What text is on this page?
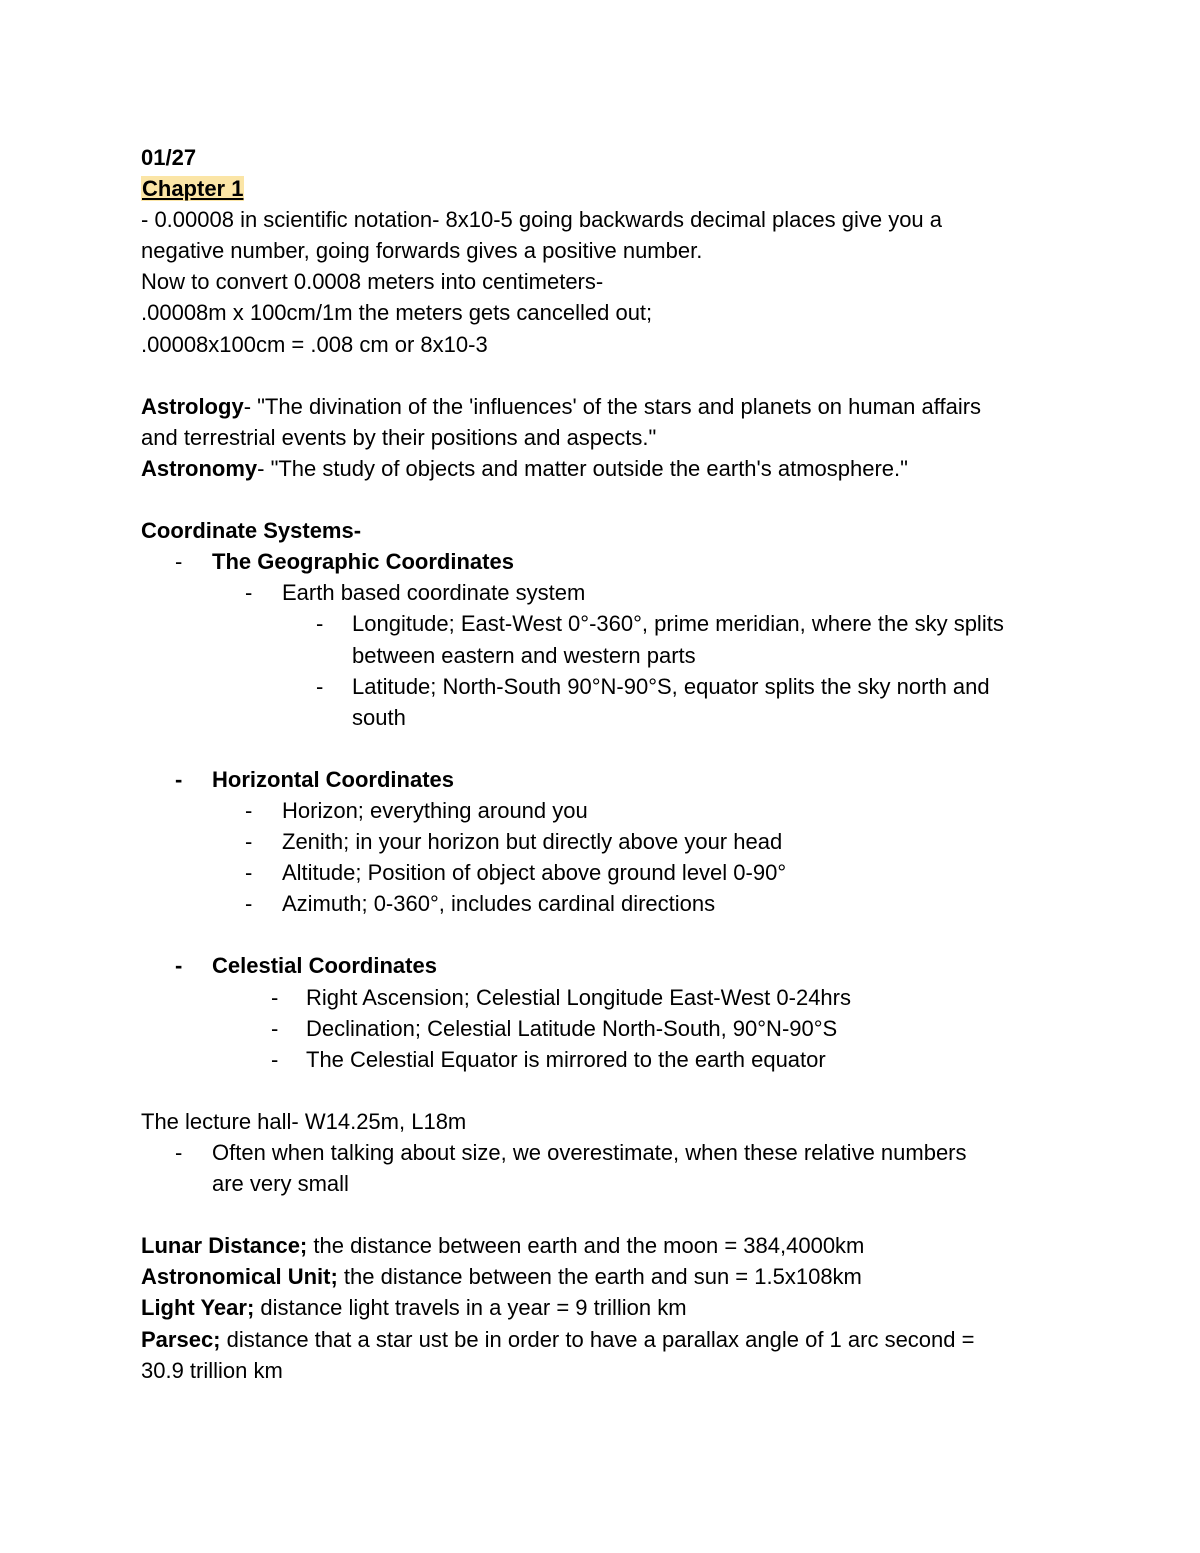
01/27

Chapter 1

- 0.00008 in scientific notation- 8x10-5 going backwards decimal places give you a

negative number, going forwards gives a positive number.

Now to convert 0.0008 meters into centimeters-

.00008m x 100cm/1m the meters gets cancelled out;

.00008x100cm = .008 cm or 8x10-3

Astrology- "The divination of the 'influences' of the stars and planets on human affairs

and terrestrial events by their positions and aspects."

Astronomy- "The study of objects and matter outside the earth's atmosphere."

Coordinate Systems-

- The Geographic Coordinates
- Earth based coordinate system
- Longitude; East-West 0°-360°, prime meridian, where the sky splits
between eastern and western parts
- Latitude; North-South 90°N-90°S, equator splits the sky north and
south
- Horizontal Coordinates
- Horizon; everything around you
- Zenith; in your horizon but directly above your head
- Altitude; Position of object above ground level 0-90°
- Azimuth; 0-360°, includes cardinal directions
- Celestial Coordinates
- Right Ascension; Celestial Longitude East-West 0-24hrs
- Declination; Celestial Latitude North-South, 90°N-90°S
- The Celestial Equator is mirrored to the earth equator

The lecture hall- W14.25m, L18m

- Often when talking about size, we overestimate, when these relative numbers
are very small

Lunar Distance; the distance between earth and the moon = 384,4000km

Astronomical Unit; the distance between the earth and sun = 1.5x108km

Light Year; distance light travels in a year = 9 trillion km

Parsec; distance that a star ust be in order to have a parallax angle of 1 arc second =

30.9 trillion km
